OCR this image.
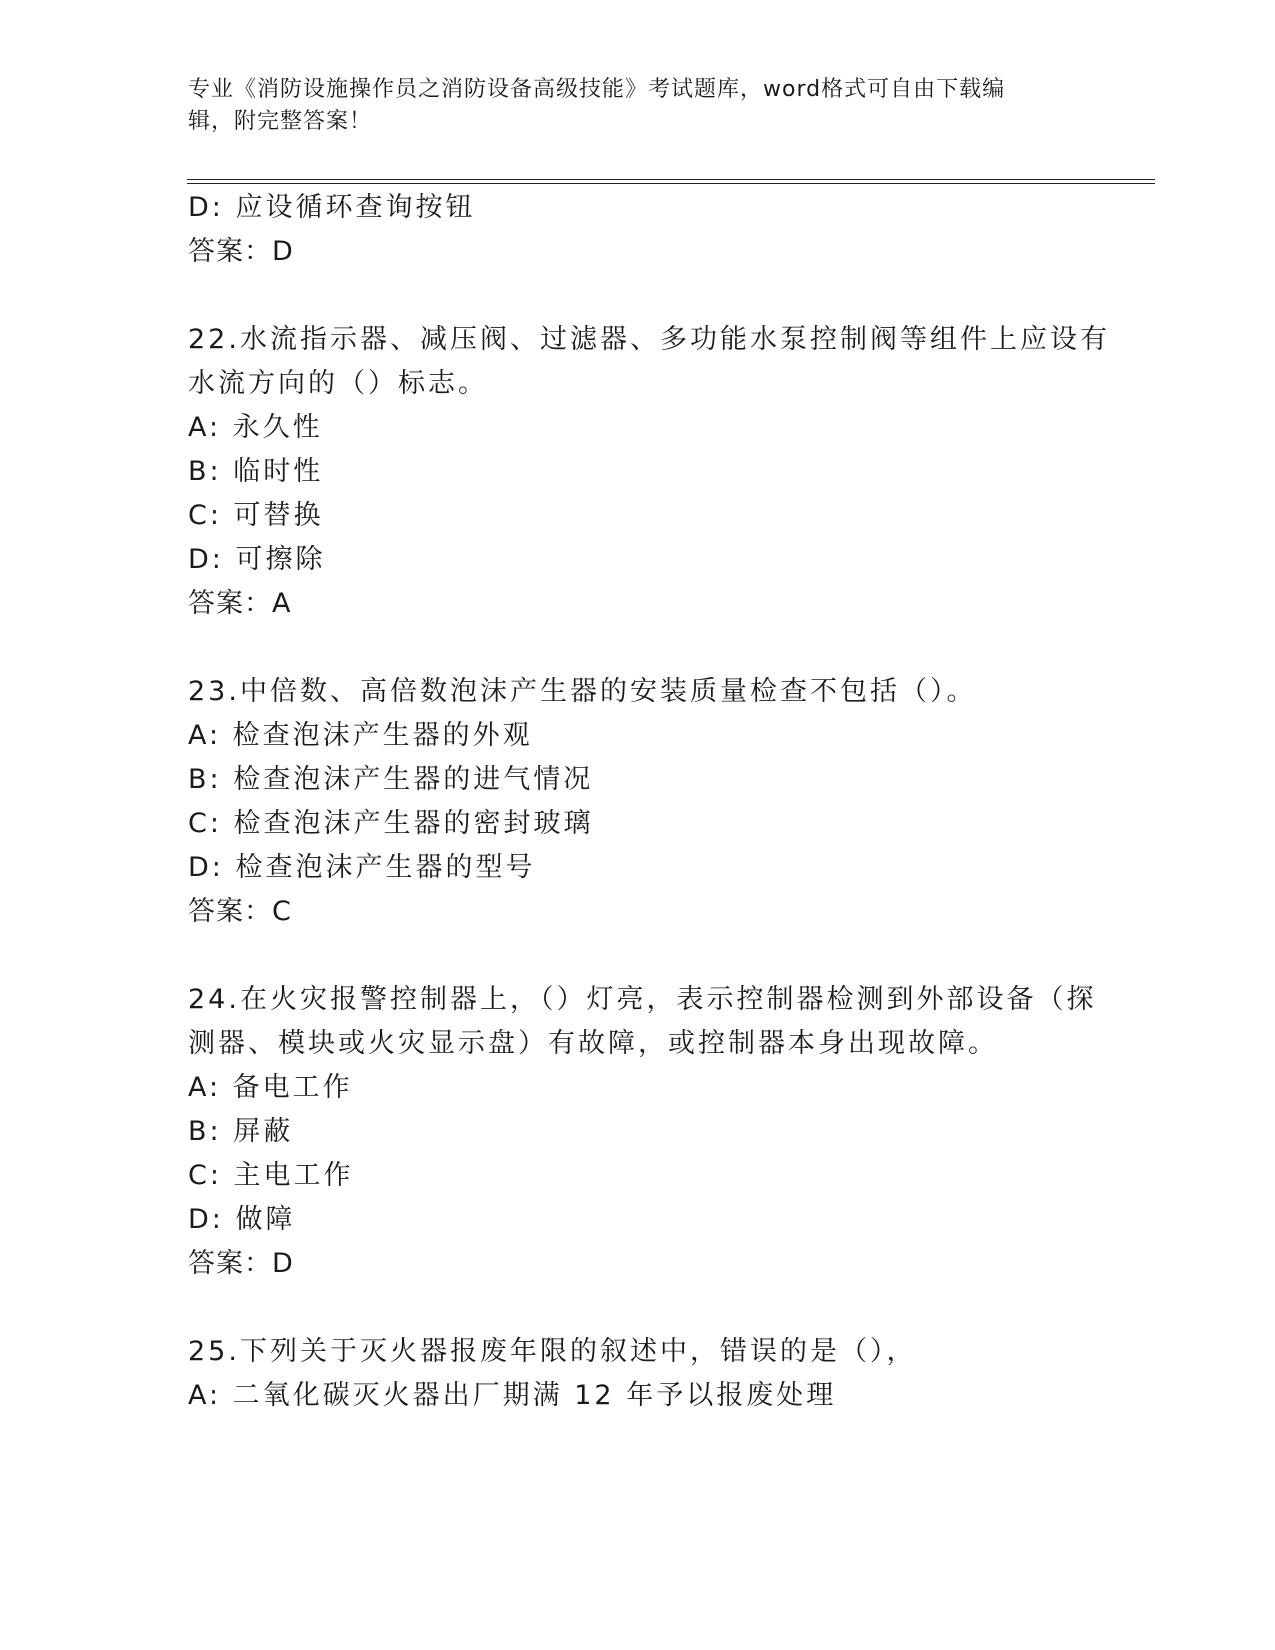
专业《消防设施操作员之消防设备高级技能》考试题库，word格式可自由下载编
辑，附完整答案！
D: 应设循环查询按钮
答案：D
22.水流指示器、减压阀、过滤器、多功能水泵控制阀等组件上应设有
水流方向的（）标志。
A: 永久性
B: 临时性
C: 可替换
D: 可擦除
答案：A
23.中倍数、高倍数泡沫产生器的安装质量检查不包括（）。
A: 检查泡沫产生器的外观
B: 检查泡沫产生器的进气情况
C: 检查泡沫产生器的密封玻璃
D: 检查泡沫产生器的型号
答案：C
24.在火灾报警控制器上，（）灯亮，表示控制器检测到外部设备（探
测器、模块或火灾显示盘）有故障，或控制器本身出现故障。
A: 备电工作
B: 屏蔽
C: 主电工作
D: 做障
答案：D
25.下列关于灭火器报废年限的叙述中，错误的是（），
A: 二氧化碳灭火器出厂期满 12 年予以报废处理
